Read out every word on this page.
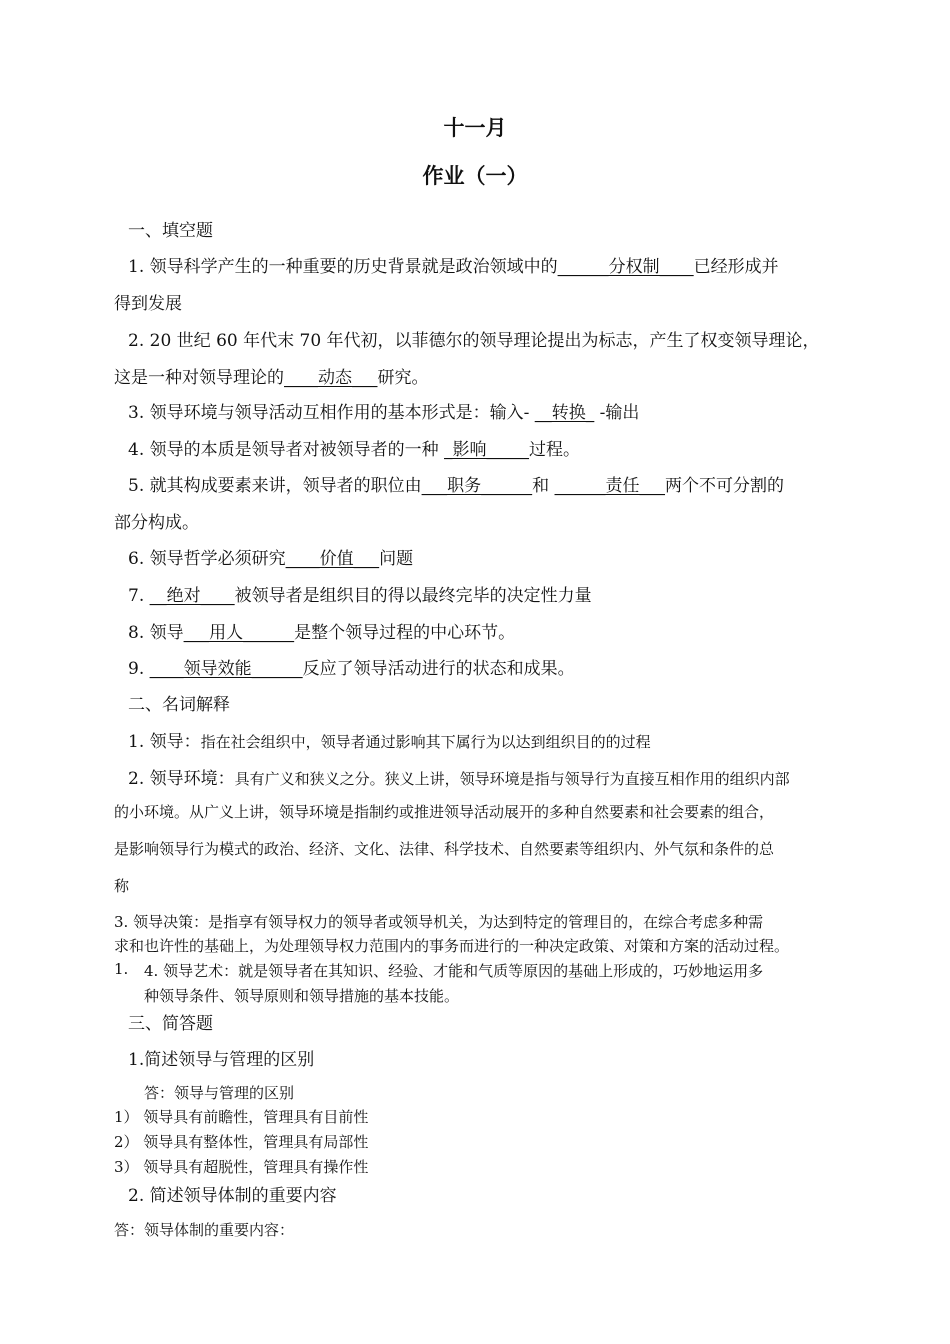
十一月
作业（一）
一、填空题
1. 领导科学产生的一种重要的历史背景就是政治领域中的______分权制____已经形成并
得到发展
2. 20 世纪 60 年代末 70 年代初，以菲德尔的领导理论提出为标志，产生了权变领导理论，
这是一种对领导理论的____动态___研究。
3. 领导环境与领导活动互相作用的基本形式是：输入- __转换_ -输出
4. 领导的本质是领导者对被领导者的一种 _影响_____过程。
5. 就其构成要素来讲，领导者的职位由___职务______和 ______责任___两个不可分割的
部分构成。
6. 领导哲学必须研究____价值___问题
7. __绝对____被领导者是组织目的得以最终完毕的决定性力量
8. 领导___用人______是整个领导过程的中心环节。
9. ____领导效能______反应了领导活动进行的状态和成果。
二、名词解释
1. 领导：指在社会组织中，领导者通过影响其下属行为以达到组织目的的过程
2. 领导环境：具有广义和狭义之分。狭义上讲，领导环境是指与领导行为直接互相作用的组织内部
的小环境。从广义上讲，领导环境是指制约或推进领导活动展开的多种自然要素和社会要素的组合，
是影响领导行为模式的政治、经济、文化、法律、科学技术、自然要素等组织内、外气氛和条件的总
称
3. 领导决策：是指享有领导权力的领导者或领导机关，为达到特定的管理目的，在综合考虑多种需
求和也许性的基础上，为处理领导权力范围内的事务而进行的一种决定政策、对策和方案的活动过程。
1. 4. 领导艺术：就是领导者在其知识、经验、才能和气质等原因的基础上形成的，巧妙地运用多
种领导条件、领导原则和领导措施的基本技能。
三、简答题
1.简述领导与管理的区别
答：领导与管理的区别
1） 领导具有前瞻性，管理具有目前性
2） 领导具有整体性，管理具有局部性
3） 领导具有超脱性，管理具有操作性
2. 简述领导体制的重要内容
答：领导体制的重要内容：
